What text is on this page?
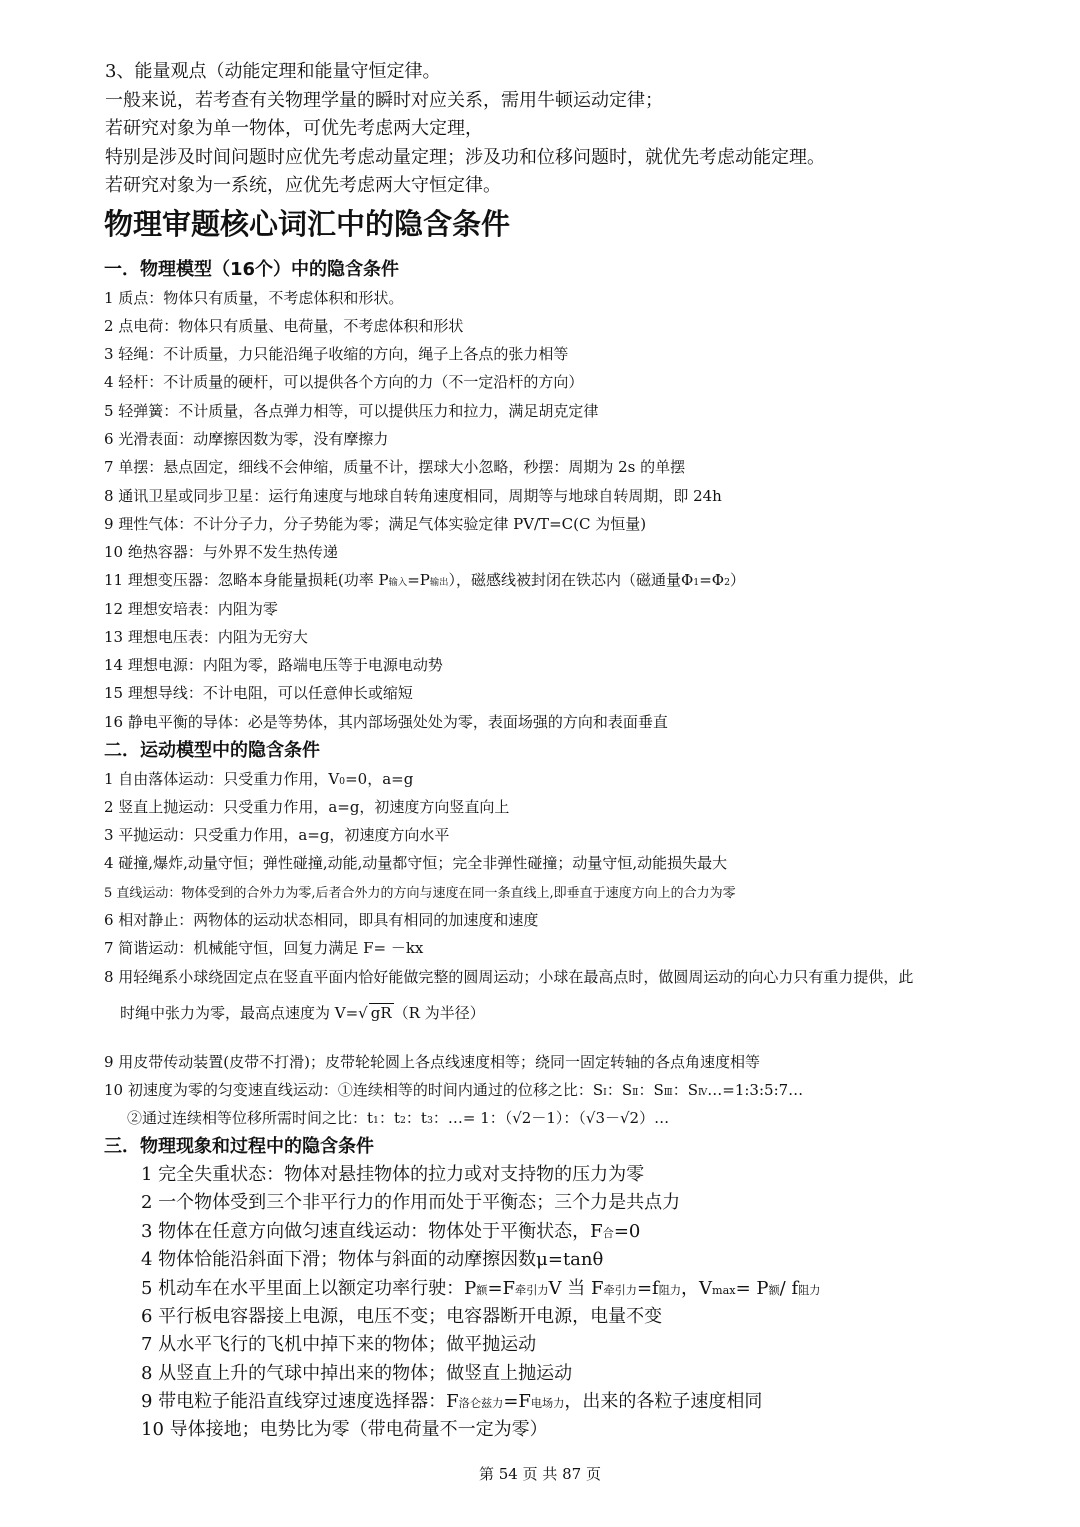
3、能量观点（动能定理和能量守恒定律。
一般来说，若考查有关物理学量的瞬时对应关系，需用牛顿运动定律；
若研究对象为单一物体，可优先考虑两大定理，
特别是涉及时间问题时应优先考虑动量定理；涉及功和位移问题时，就优先考虑动能定理。
若研究对象为一系统，应优先考虑两大守恒定律。
物理审题核心词汇中的隐含条件
一．物理模型（16个）中的隐含条件
1 质点：物体只有质量，不考虑体积和形状。
2 点电荷：物体只有质量、电荷量，不考虑体积和形状
3 轻绳：不计质量，力只能沿绳子收缩的方向，绳子上各点的张力相等
4 轻杆：不计质量的硬杆，可以提供各个方向的力（不一定沿杆的方向）
5 轻弹簧：不计质量，各点弹力相等，可以提供压力和拉力，满足胡克定律
6 光滑表面：动摩擦因数为零，没有摩擦力
7 单摆：悬点固定，细线不会伸缩，质量不计，摆球大小忽略，秒摆：周期为 2s 的单摆
8 通讯卫星或同步卫星：运行角速度与地球自转角速度相同，周期等与地球自转周期，即 24h
9 理性气体：不计分子力，分子势能为零；满足气体实验定律 PV/T=C(C 为恒量)
10 绝热容器：与外界不发生热传递
11 理想变压器：忽略本身能量损耗(功率 P输入=P输出），磁感线被封闭在铁芯内（磁通量Φ1=Φ2）
12 理想安培表：内阻为零
13 理想电压表：内阻为无穷大
14 理想电源：内阻为零，路端电压等于电源电动势
15 理想导线：不计电阻，可以任意伸长或缩短
16 静电平衡的导体：必是等势体，其内部场强处处为零，表面场强的方向和表面垂直
二．运动模型中的隐含条件
1 自由落体运动：只受重力作用，V0=0，a=g
2 竖直上抛运动：只受重力作用，a=g，初速度方向竖直向上
3 平抛运动：只受重力作用，a=g，初速度方向水平
4 碰撞,爆炸,动量守恒；弹性碰撞,动能,动量都守恒；完全非弹性碰撞；动量守恒,动能损失最大
5 直线运动：物体受到的合外力为零,后者合外力的方向与速度在同一条直线上,即垂直于速度方向上的合力为零
6 相对静止：两物体的运动状态相同，即具有相同的加速度和速度
7 简谐运动：机械能守恒，回复力满足 F= －kx
8 用轻绳系小球绕固定点在竖直平面内恰好能做完整的圆周运动；小球在最高点时，做圆周运动的向心力只有重力提供，此
时绳中张力为零，最高点速度为 V=√ gR （R 为半径）
9 用皮带传动装置(皮带不打滑)；皮带轮轮圆上各点线速度相等；绕同一固定转轴的各点角速度相等
10 初速度为零的匀变速直线运动：①连续相等的时间内通过的位移之比：SⅠ：SⅡ：SⅢ：SⅣ…=1:3:5:7…
②通过连续相等位移所需时间之比：t1：t2：t3：…= 1：（√2－1）：（√3－√2）…
三．物理现象和过程中的隐含条件
1 完全失重状态：物体对悬挂物体的拉力或对支持物的压力为零
2 一个物体受到三个非平行力的作用而处于平衡态；三个力是共点力
3 物体在任意方向做匀速直线运动：物体处于平衡状态，F合=0
4 物体恰能沿斜面下滑；物体与斜面的动摩擦因数μ=tanθ
5 机动车在水平里面上以额定功率行驶：P额=F牵引力V 当 F牵引力=f阻力，Vmax= P额/ f阻力
6 平行板电容器接上电源，电压不变；电容器断开电源，电量不变
7 从水平飞行的飞机中掉下来的物体；做平抛运动
8 从竖直上升的气球中掉出来的物体；做竖直上抛运动
9 带电粒子能沿直线穿过速度选择器：F洛仑兹力=F电场力，出来的各粒子速度相同
10 导体接地；电势比为零（带电荷量不一定为零）
第 54 页 共 87 页
